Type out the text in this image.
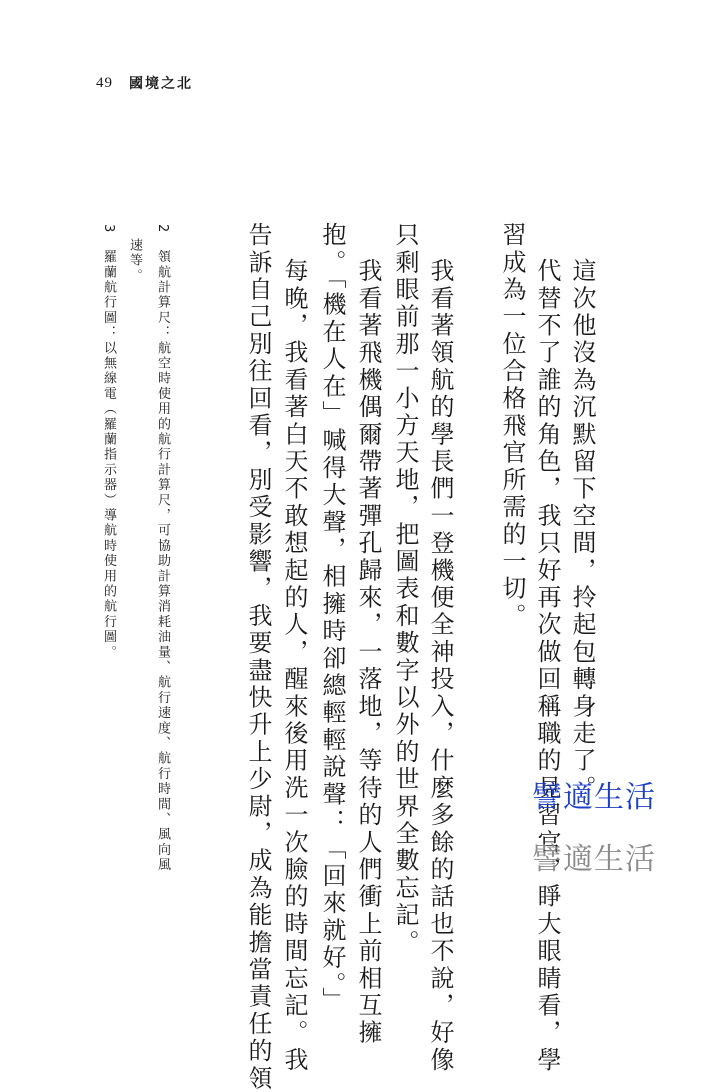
49 國境之北
這次他沒為沉默留下空間，拎起包轉身走了。
代替不了誰的角色，我只好再次做回稱職的見習官，睜大眼睛看，學
習成為一位合格飛官所需的一切。
我看著領航的學長們一登機便全神投入，什麼多餘的話也不說，好像
只剩眼前那一小方天地，把圖表和數字以外的世界全數忘記。
我看著飛機偶爾帶著彈孔歸來，一落地，等待的人們衝上前相互擁
抱。「機在人在」喊得大聲，相擁時卻總輕輕說聲：「回來就好。」
每晚，我看著白天不敢想起的人，醒來後用洗一次臉的時間忘記。我
告訴自己別往回看，別受影響，我要盡快升上少尉，成為能擔當責任的領
2　領航計算尺：航空時使用的航行計算尺，可協助計算消耗油量、航行速度、航行時間、風向風
速等。
3　羅蘭航行圖：以無線電（羅蘭指示器）導航時使用的航行圖。
譬適生活
譬適生活
